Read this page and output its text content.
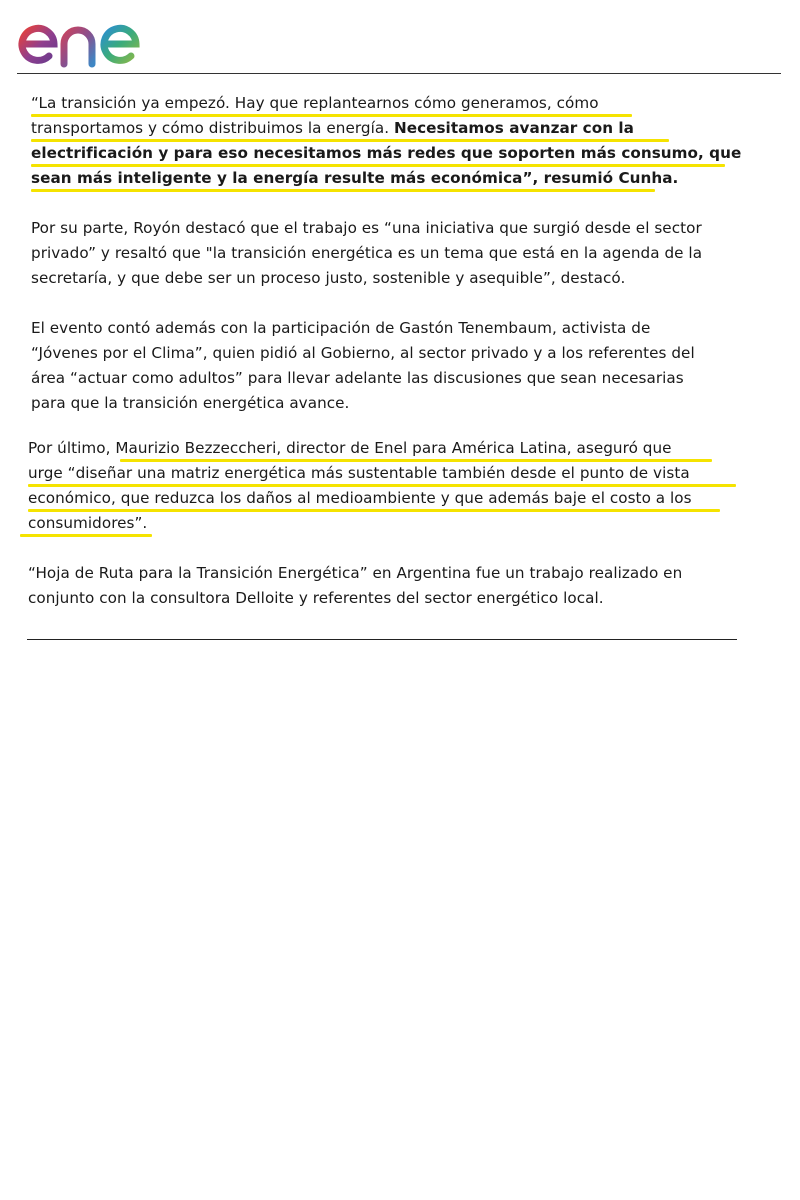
“La transición ya empezó. Hay que replantearnos cómo generamos, cómo
transportamos y cómo distribuimos la energía. Necesitamos avanzar con la
electrificación y para eso necesitamos más redes que soporten más consumo, que
sean más inteligente y la energía resulte más económica”, resumió Cunha.

Por su parte, Royón destacó que el trabajo es “una iniciativa que surgió desde el sector
privado” y resaltó que "la transición energética es un tema que está en la agenda de la
secretaría, y que debe ser un proceso justo, sostenible y asequible”, destacó.

El evento contó además con la participación de Gastón Tenembaum, activista de
“Jóvenes por el Clima”, quien pidió al Gobierno, al sector privado y a los referentes del
área “actuar como adultos” para llevar adelante las discusiones que sean necesarias
para que la transición energética avance.

Por último, Maurizio Bezzeccheri, director de Enel para América Latina, aseguró que
urge “diseñar una matriz energética más sustentable también desde el punto de vista
económico, que reduzca los daños al medioambiente y que además baje el costo a los
consumidores”.

“Hoja de Ruta para la Transición Energética” en Argentina fue un trabajo realizado en
conjunto con la consultora Delloite y referentes del sector energético local.
